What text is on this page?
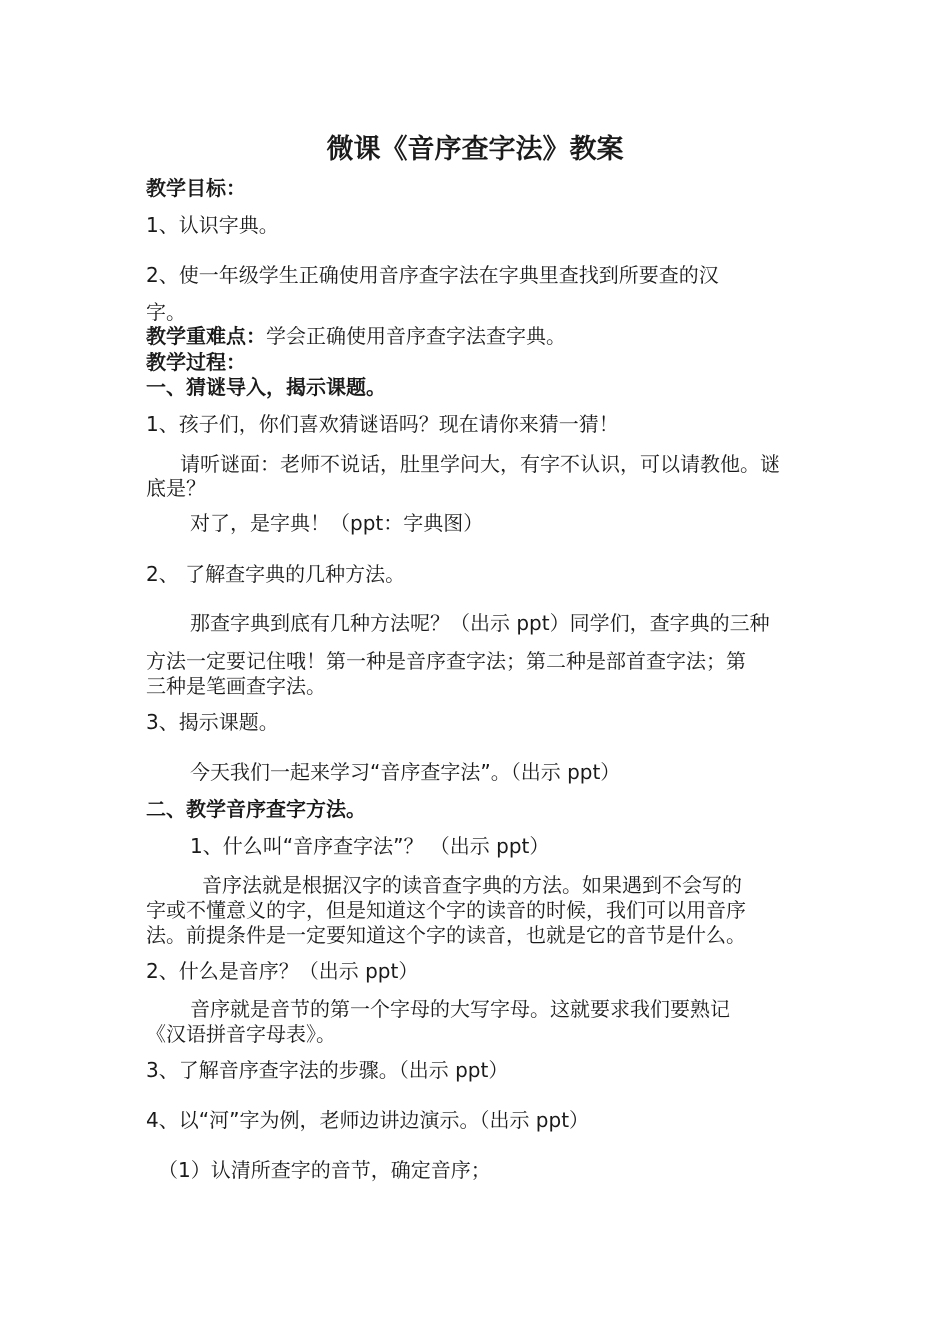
微课《音序查字法》教案
教学目标：
1、认识字典。
2、使一年级学生正确使用音序查字法在字典里查找到所要查的汉
字。
教学重难点：学会正确使用音序查字法查字典。
教学过程：
一、猜谜导入，揭示课题。
1、孩子们，你们喜欢猜谜语吗？现在请你来猜一猜！
请听谜面：老师不说话，肚里学问大，有字不认识，可以请教他。谜
底是？
对了，是字典！（ppt：字典图）
2、 了解查字典的几种方法。
那查字典到底有几种方法呢？（出示 ppt）同学们，查字典的三种
方法一定要记住哦！第一种是音序查字法；第二种是部首查字法；第
三种是笔画查字法。
3、揭示课题。
今天我们一起来学习“音序查字法”。（出示 ppt）
二、教学音序查字方法。
1、什么叫“音序查字法”？ （出示 ppt）
音序法就是根据汉字的读音查字典的方法。如果遇到不会写的
字或不懂意义的字，但是知道这个字的读音的时候，我们可以用音序
法。前提条件是一定要知道这个字的读音，也就是它的音节是什么。
2、什么是音序？（出示 ppt）
音序就是音节的第一个字母的大写字母。这就要求我们要熟记
《汉语拼音字母表》。
3、了解音序查字法的步骤。（出示 ppt）
4、以“河”字为例，老师边讲边演示。（出示 ppt）
（1）认清所查字的音节，确定音序；
